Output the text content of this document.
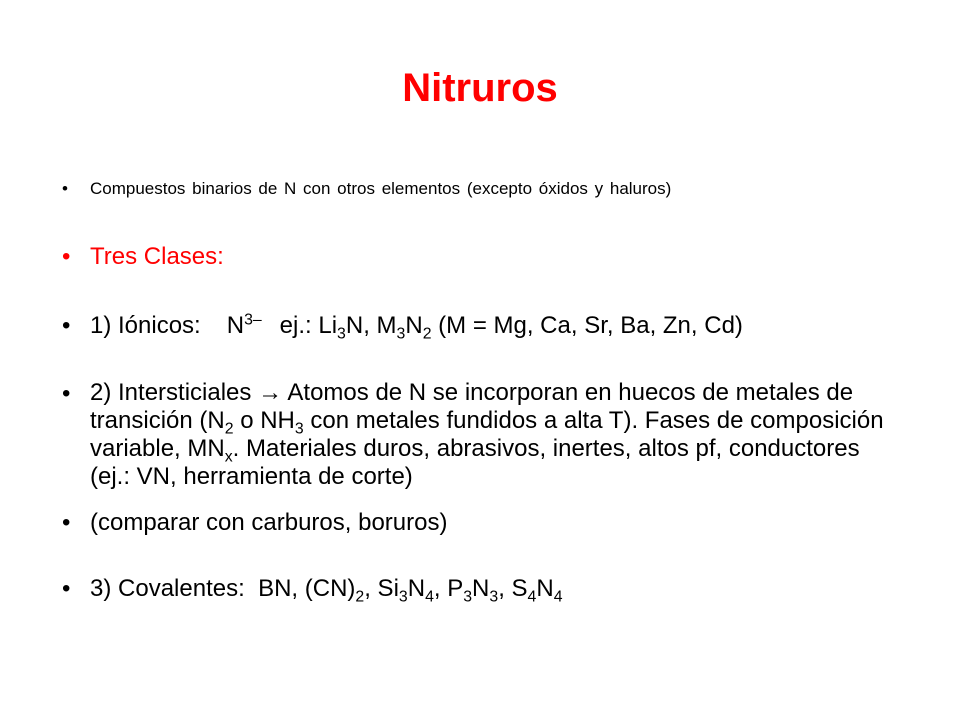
Nitruros
•	Compuestos binarios de N con otros elementos (excepto óxidos y haluros)
• Tres Clases:
• 1) Iónicos: $N^{3-}$ ej.: $Li_3N$, $M_3N_2$ (M = Mg, Ca, Sr, Ba, Zn, Cd)
• 2) Intersticiales → Atomos de N se incorporan en huecos de metales de transición ($N_2$ o $NH_3$ con metales fundidos a alta T). Fases de composición variable, $MN_x$. Materiales duros, abrasivos, inertes, altos pf, conductores (ej.: VN, herramienta de corte)
• (comparar con carburos, boruros)
• 3) Covalentes:  BN, $(CN)_2$, $Si_3N_4$, $P_3N_3$, $S_4N_4$
